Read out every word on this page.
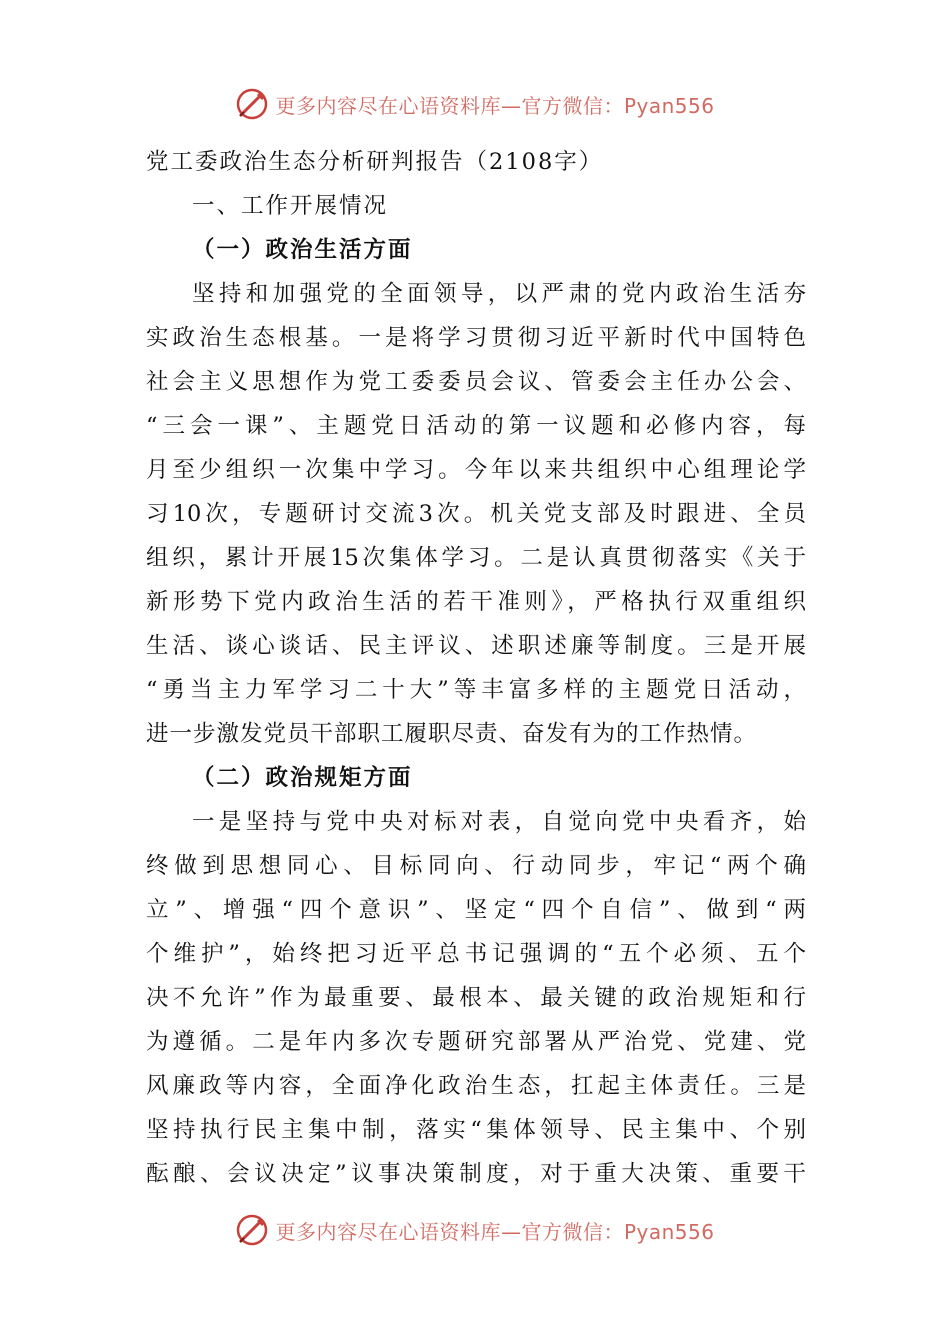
更多内容尽在心语资料库—官方微信：Pyan556
党工委政治生态分析研判报告（2108字）
一、工作开展情况
（一）政治生活方面
坚持和加强党的全面领导，以严肃的党内政治生活夯
实政治生态根基。一是将学习贯彻习近平新时代中国特色
社会主义思想作为党工委委员会议、管委会主任办公会、
“三会一课”、主题党日活动的第一议题和必修内容，每
月至少组织一次集中学习。今年以来共组织中心组理论学
习10次，专题研讨交流3次。机关党支部及时跟进、全员
组织，累计开展15次集体学习。二是认真贯彻落实《关于
新形势下党内政治生活的若干准则》，严格执行双重组织
生活、谈心谈话、民主评议、述职述廉等制度。三是开展
“勇当主力军学习二十大”等丰富多样的主题党日活动，
进一步激发党员干部职工履职尽责、奋发有为的工作热情。
（二）政治规矩方面
一是坚持与党中央对标对表，自觉向党中央看齐，始
终做到思想同心、目标同向、行动同步，牢记“两个确
立”、增强“四个意识”、坚定“四个自信”、做到“两
个维护”，始终把习近平总书记强调的“五个必须、五个
决不允许”作为最重要、最根本、最关键的政治规矩和行
为遵循。二是年内多次专题研究部署从严治党、党建、党
风廉政等内容，全面净化政治生态，扛起主体责任。三是
坚持执行民主集中制，落实“集体领导、民主集中、个别
酝酿、会议决定”议事决策制度，对于重大决策、重要干
更多内容尽在心语资料库—官方微信：Pyan556
